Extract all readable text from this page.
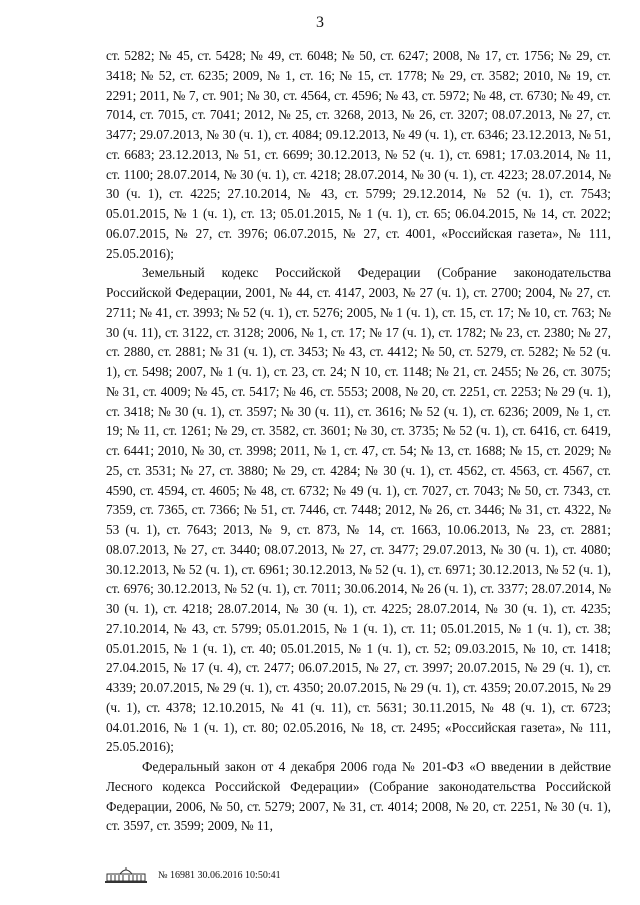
3

ст. 5282; № 45, ст. 5428; № 49, ст. 6048; № 50, ст. 6247; 2008, № 17, ст. 1756; № 29, ст. 3418; № 52, ст. 6235; 2009, № 1, ст. 16; № 15, ст. 1778; № 29, ст. 3582; 2010, № 19, ст. 2291; 2011, № 7, ст. 901; № 30, ст. 4564, ст. 4596; № 43, ст. 5972; № 48, ст. 6730; № 49, ст. 7014, ст. 7015, ст. 7041; 2012, № 25, ст. 3268, 2013, № 26, ст. 3207; 08.07.2013, № 27, ст. 3477; 29.07.2013, № 30 (ч. 1), ст. 4084; 09.12.2013, № 49 (ч. 1), ст. 6346; 23.12.2013, № 51, ст. 6683; 23.12.2013, № 51, ст. 6699; 30.12.2013, № 52 (ч. 1), ст. 6981; 17.03.2014, № 11, ст. 1100; 28.07.2014, № 30 (ч. 1), ст. 4218; 28.07.2014, № 30 (ч. 1), ст. 4223; 28.07.2014, № 30 (ч. 1), ст. 4225; 27.10.2014, № 43, ст. 5799; 29.12.2014, № 52 (ч. 1), ст. 7543; 05.01.2015, № 1 (ч. 1), ст. 13; 05.01.2015, № 1 (ч. 1), ст. 65; 06.04.2015, № 14, ст. 2022; 06.07.2015, № 27, ст. 3976; 06.07.2015, № 27, ст. 4001, «Российская газета», № 111, 25.05.2016);

Земельный кодекс Российской Федерации (Собрание законодательства Российской Федерации, 2001, № 44, ст. 4147, 2003, № 27 (ч. 1), ст. 2700; 2004, № 27, ст. 2711; № 41, ст. 3993; № 52 (ч. 1), ст. 5276; 2005, № 1 (ч. 1), ст. 15, ст. 17; № 10, ст. 763; № 30 (ч. 11), ст. 3122, ст. 3128; 2006, № 1, ст. 17; № 17 (ч. 1), ст. 1782; № 23, ст. 2380; № 27, ст. 2880, ст. 2881; № 31 (ч. 1), ст. 3453; № 43, ст. 4412; № 50, ст. 5279, ст. 5282; № 52 (ч. 1), ст. 5498; 2007, № 1 (ч. 1), ст. 23, ст. 24; N 10, ст. 1148; № 21, ст. 2455; № 26, ст. 3075; № 31, ст. 4009; № 45, ст. 5417; № 46, ст. 5553; 2008, № 20, ст. 2251, ст. 2253; № 29 (ч. 1), ст. 3418; № 30 (ч. 1), ст. 3597; № 30 (ч. 11), ст. 3616; № 52 (ч. 1), ст. 6236; 2009, № 1, ст. 19; № 11, ст. 1261; № 29, ст. 3582, ст. 3601; № 30, ст. 3735; № 52 (ч. 1), ст. 6416, ст. 6419, ст. 6441; 2010, № 30, ст. 3998; 2011, № 1, ст. 47, ст. 54; № 13, ст. 1688; № 15, ст. 2029; № 25, ст. 3531; № 27, ст. 3880; № 29, ст. 4284; № 30 (ч. 1), ст. 4562, ст. 4563, ст. 4567, ст. 4590, ст. 4594, ст. 4605; № 48, ст. 6732; № 49 (ч. 1), ст. 7027, ст. 7043; № 50, ст. 7343, ст. 7359, ст. 7365, ст. 7366; № 51, ст. 7446, ст. 7448; 2012, № 26, ст. 3446; № 31, ст. 4322, № 53 (ч. 1), ст. 7643; 2013, № 9, ст. 873, № 14, ст. 1663, 10.06.2013, № 23, ст. 2881; 08.07.2013, № 27, ст. 3440; 08.07.2013, № 27, ст. 3477; 29.07.2013, № 30 (ч. 1), ст. 4080; 30.12.2013, № 52 (ч. 1), ст. 6961; 30.12.2013, № 52 (ч. 1), ст. 6971; 30.12.2013, № 52 (ч. 1), ст. 6976; 30.12.2013, № 52 (ч. 1), ст. 7011; 30.06.2014, № 26 (ч. 1), ст. 3377; 28.07.2014, № 30 (ч. 1), ст. 4218; 28.07.2014, № 30 (ч. 1), ст. 4225; 28.07.2014, № 30 (ч. 1), ст. 4235; 27.10.2014, № 43, ст. 5799; 05.01.2015, № 1 (ч. 1), ст. 11; 05.01.2015, № 1 (ч. 1), ст. 38; 05.01.2015, № 1 (ч. 1), ст. 40; 05.01.2015, № 1 (ч. 1), ст. 52; 09.03.2015, № 10, ст. 1418; 27.04.2015, № 17 (ч. 4), ст. 2477; 06.07.2015, № 27, ст. 3997; 20.07.2015, № 29 (ч. 1), ст. 4339; 20.07.2015, № 29 (ч. 1), ст. 4350; 20.07.2015, № 29 (ч. 1), ст. 4359; 20.07.2015, № 29 (ч. 1), ст. 4378; 12.10.2015, № 41 (ч. 11), ст. 5631; 30.11.2015, № 48 (ч. 1), ст. 6723; 04.01.2016, № 1 (ч. 1), ст. 80; 02.05.2016, № 18, ст. 2495; «Российская газета», № 111, 25.05.2016);

Федеральный закон от 4 декабря 2006 года № 201-ФЗ «О введении в действие Лесного кодекса Российской Федерации» (Собрание законодательства Российской Федерации, 2006, № 50, ст. 5279; 2007, № 31, ст. 4014; 2008, № 20, ст. 2251, № 30 (ч. 1), ст. 3597, ст. 3599; 2009, № 11,

№ 16981 30.06.2016 10:50:41
